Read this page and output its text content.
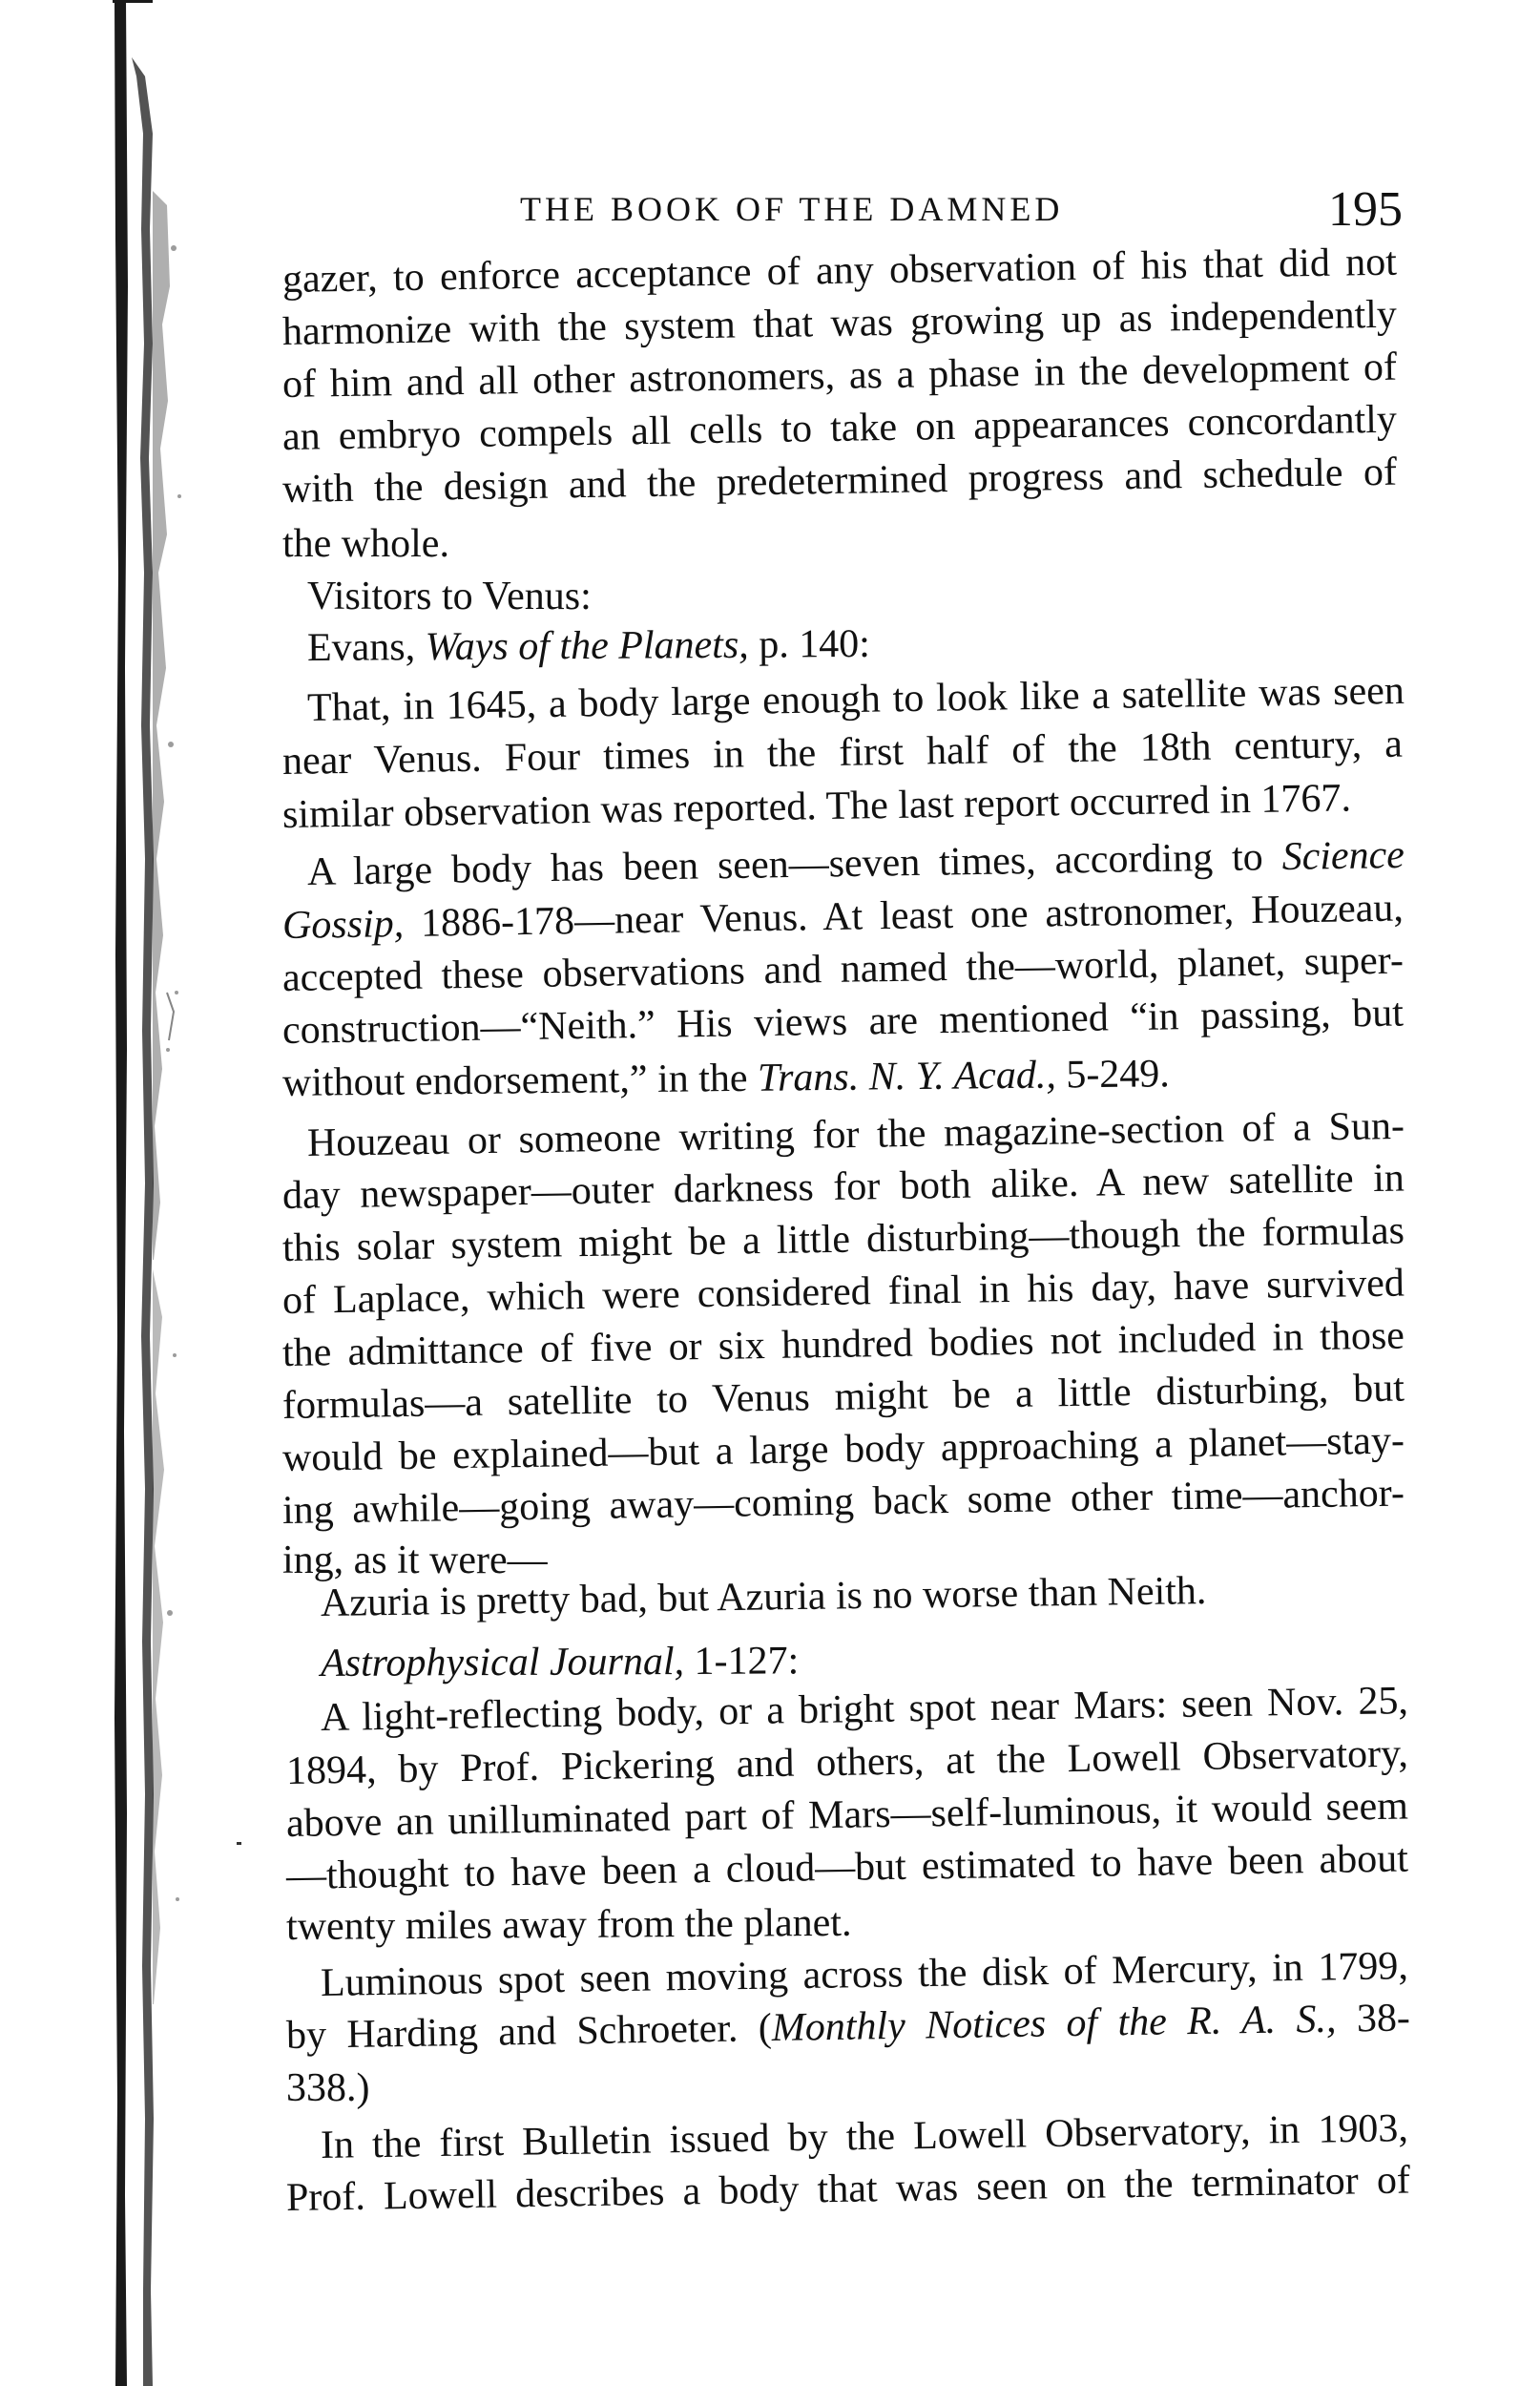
THE BOOK OF THE DAMNED	195
gazer, to enforce acceptance of any observation of his that did not
harmonize with the system that was growing up as independently
of him and all other astronomers, as a phase in the development of
an embryo compels all cells to take on appearances concordantly
with the design and the predetermined progress and schedule of
the whole.
Visitors to Venus:
Evans, Ways of the Planets, p. 140:
That, in 1645, a body large enough to look like a satellite was seen
near Venus. Four times in the first half of the 18th century, a
similar observation was reported. The last report occurred in 1767.
A large body has been seen—seven times, according to Science
Gossip, 1886-178—near Venus. At least one astronomer, Houzeau,
accepted these observations and named the—world, planet, super-
construction—“Neith.” His views are mentioned “in passing, but
without endorsement,” in the Trans. N. Y. Acad., 5-249.
Houzeau or someone writing for the magazine-section of a Sun-
day newspaper—outer darkness for both alike. A new satellite in
this solar system might be a little disturbing—though the formulas
of Laplace, which were considered final in his day, have survived
the admittance of five or six hundred bodies not included in those
formulas—a satellite to Venus might be a little disturbing, but
would be explained—but a large body approaching a planet—stay-
ing awhile—going away—coming back some other time—anchor-
ing, as it were—
Azuria is pretty bad, but Azuria is no worse than Neith.
Astrophysical Journal, 1-127:
A light-reflecting body, or a bright spot near Mars: seen Nov. 25,
1894, by Prof. Pickering and others, at the Lowell Observatory,
above an unilluminated part of Mars—self-luminous, it would seem
—thought to have been a cloud—but estimated to have been about
twenty miles away from the planet.
Luminous spot seen moving across the disk of Mercury, in 1799,
by Harding and Schroeter. (Monthly Notices of the R. A. S., 38-
338.)
In the first Bulletin issued by the Lowell Observatory, in 1903,
Prof. Lowell describes a body that was seen on the terminator of
